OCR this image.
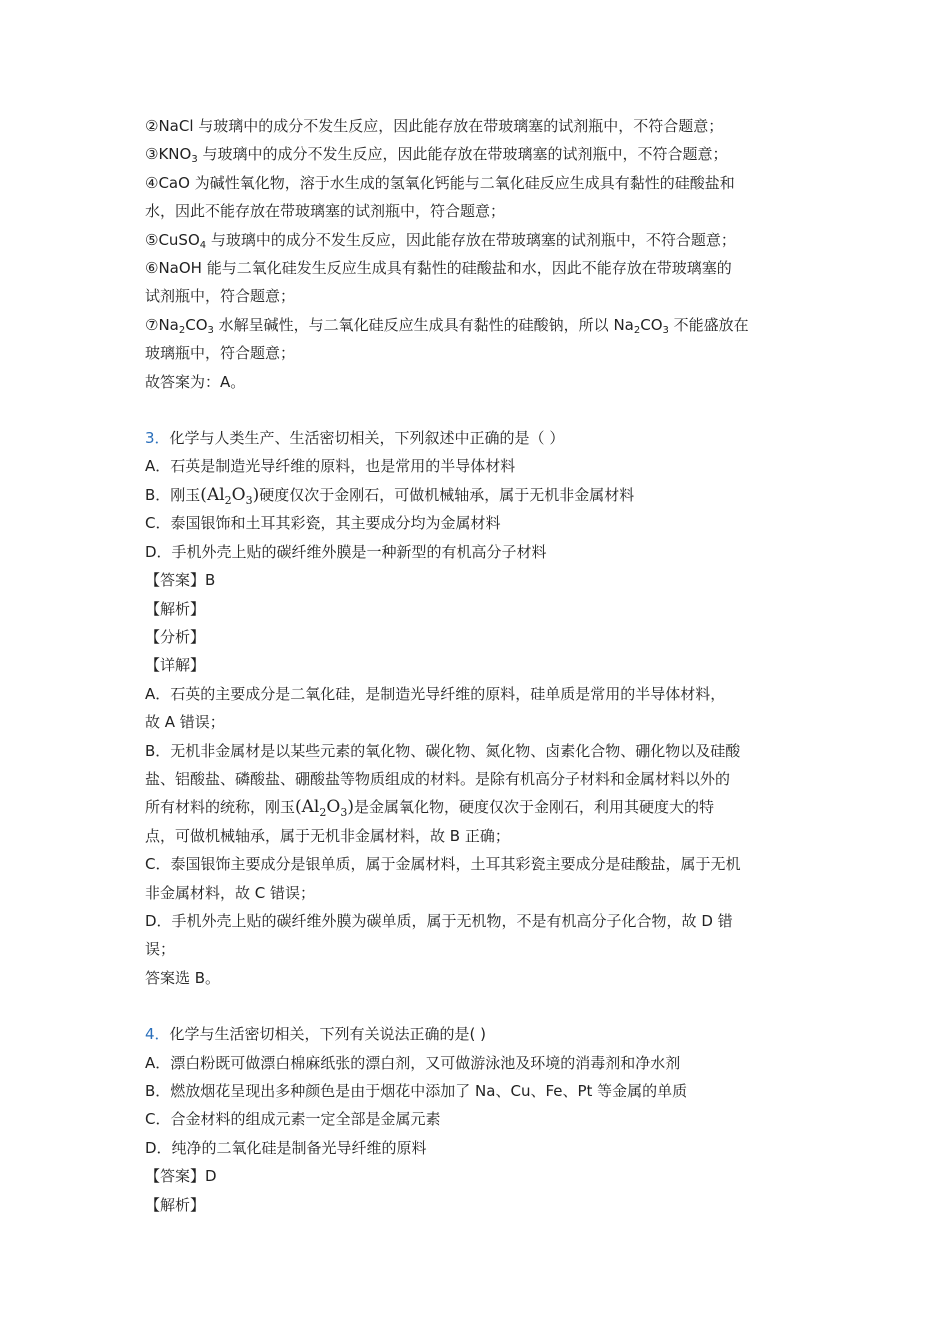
②NaCl 与玻璃中的成分不发生反应，因此能存放在带玻璃塞的试剂瓶中，不符合题意；
$③KNO_3$ 与玻璃中的成分不发生反应，因此能存放在带玻璃塞的试剂瓶中，不符合题意；
④CaO 为碱性氧化物，溶于水生成的氢氧化钙能与二氧化硅反应生成具有黏性的硅酸盐和
水，因此不能存放在带玻璃塞的试剂瓶中，符合题意；
⑤CuSO$_4$ 与玻璃中的成分不发生反应，因此能存放在带玻璃塞的试剂瓶中，不符合题意；
⑥NaOH 能与二氧化硅发生反应生成具有黏性的硅酸盐和水，因此不能存放在带玻璃塞的
试剂瓶中，符合题意；
$⑦Na_2CO_3$ 水解呈碱性，与二氧化硅反应生成具有黏性的硅酸钠，所以 $Na_2CO_3$ 不能盛放在
玻璃瓶中，符合题意；
故答案为：A。
3．化学与人类生产、生活密切相关，下列叙述中正确的是（ ）
A．石英是制造光导纤维的原料，也是常用的半导体材料
B．刚玉$(Al_2O_3)$硬度仅次于金刚石，可做机械轴承，属于无机非金属材料
C．泰国银饰和土耳其彩瓷，其主要成分均为金属材料
D．手机外壳上贴的碳纤维外膜是一种新型的有机高分子材料
【答案】B
【解析】
【分析】
【详解】
A．石英的主要成分是二氧化硅，是制造光导纤维的原料，硅单质是常用的半导体材料，
故 A 错误；
B．无机非金属材是以某些元素的氧化物、碳化物、氮化物、卤素化合物、硼化物以及硅酸
盐、铝酸盐、磷酸盐、硼酸盐等物质组成的材料。是除有机高分子材料和金属材料以外的
所有材料的统称，刚玉$(Al_2O_3)$是金属氧化物，硬度仅次于金刚石，利用其硬度大的特
点，可做机械轴承，属于无机非金属材料，故 B 正确；
C．泰国银饰主要成分是银单质，属于金属材料，土耳其彩瓷主要成分是硅酸盐，属于无机
非金属材料，故 C 错误；
D．手机外壳上贴的碳纤维外膜为碳单质，属于无机物，不是有机高分子化合物，故 D 错
误；
答案选 B。
4．化学与生活密切相关，下列有关说法正确的是( )
A．漂白粉既可做漂白棉麻纸张的漂白剂，又可做游泳池及环境的消毒剂和净水剂
B．燃放烟花呈现出多种颜色是由于烟花中添加了 Na、Cu、Fe、Pt 等金属的单质
C．合金材料的组成元素一定全部是金属元素
D．纯净的二氧化硅是制备光导纤维的原料
【答案】D
【解析】
